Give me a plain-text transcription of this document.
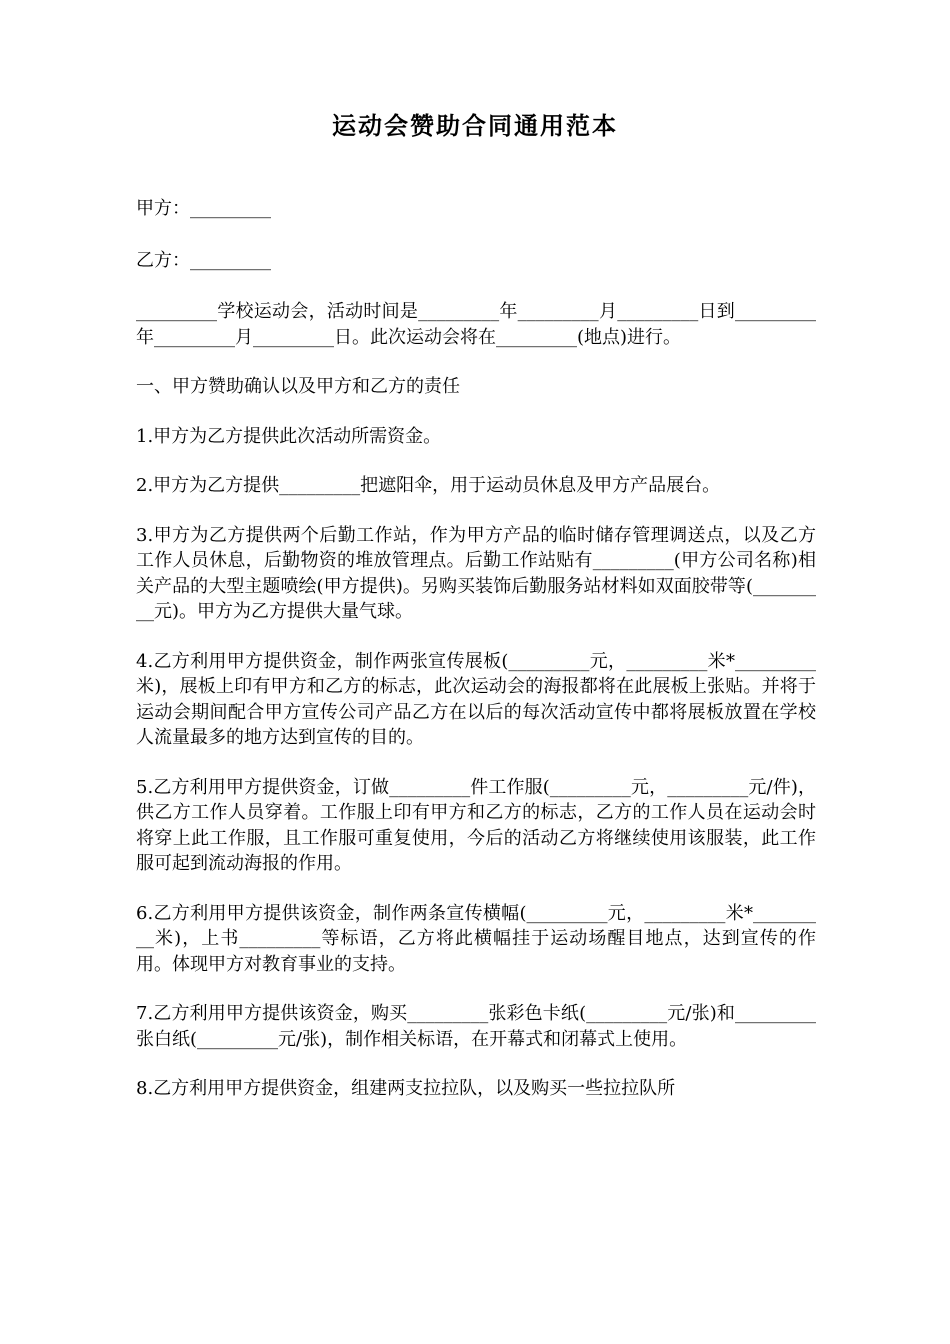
运动会赞助合同通用范本

甲方：_________

乙方：_________

_________学校运动会，活动时间是_________年_________月_________日到_________年_________月_________日。此次运动会将在_________(地点)进行。

一、甲方赞助确认以及甲方和乙方的责任

1.甲方为乙方提供此次活动所需资金。

2.甲方为乙方提供_________把遮阳伞，用于运动员休息及甲方产品展台。

3.甲方为乙方提供两个后勤工作站，作为甲方产品的临时储存管理调送点，以及乙方工作人员休息，后勤物资的堆放管理点。后勤工作站贴有_________(甲方公司名称)相关产品的大型主题喷绘(甲方提供)。另购买装饰后勤服务站材料如双面胶带等(_________元)。甲方为乙方提供大量气球。

4.乙方利用甲方提供资金，制作两张宣传展板(_________元，_________米*_________米)，展板上印有甲方和乙方的标志，此次运动会的海报都将在此展板上张贴。并将于运动会期间配合甲方宣传公司产品乙方在以后的每次活动宣传中都将展板放置在学校人流量最多的地方达到宣传的目的。

5.乙方利用甲方提供资金，订做_________件工作服(_________元，_________元/件)，供乙方工作人员穿着。工作服上印有甲方和乙方的标志，乙方的工作人员在运动会时将穿上此工作服，且工作服可重复使用，今后的活动乙方将继续使用该服装，此工作服可起到流动海报的作用。

6.乙方利用甲方提供该资金，制作两条宣传横幅(_________元，_________米*_________米)，上书_________等标语，乙方将此横幅挂于运动场醒目地点，达到宣传的作用。体现甲方对教育事业的支持。

7.乙方利用甲方提供该资金，购买_________张彩色卡纸(_________元/张)和_________张白纸(_________元/张)，制作相关标语，在开幕式和闭幕式上使用。

8.乙方利用甲方提供资金，组建两支拉拉队，以及购买一些拉拉队所
